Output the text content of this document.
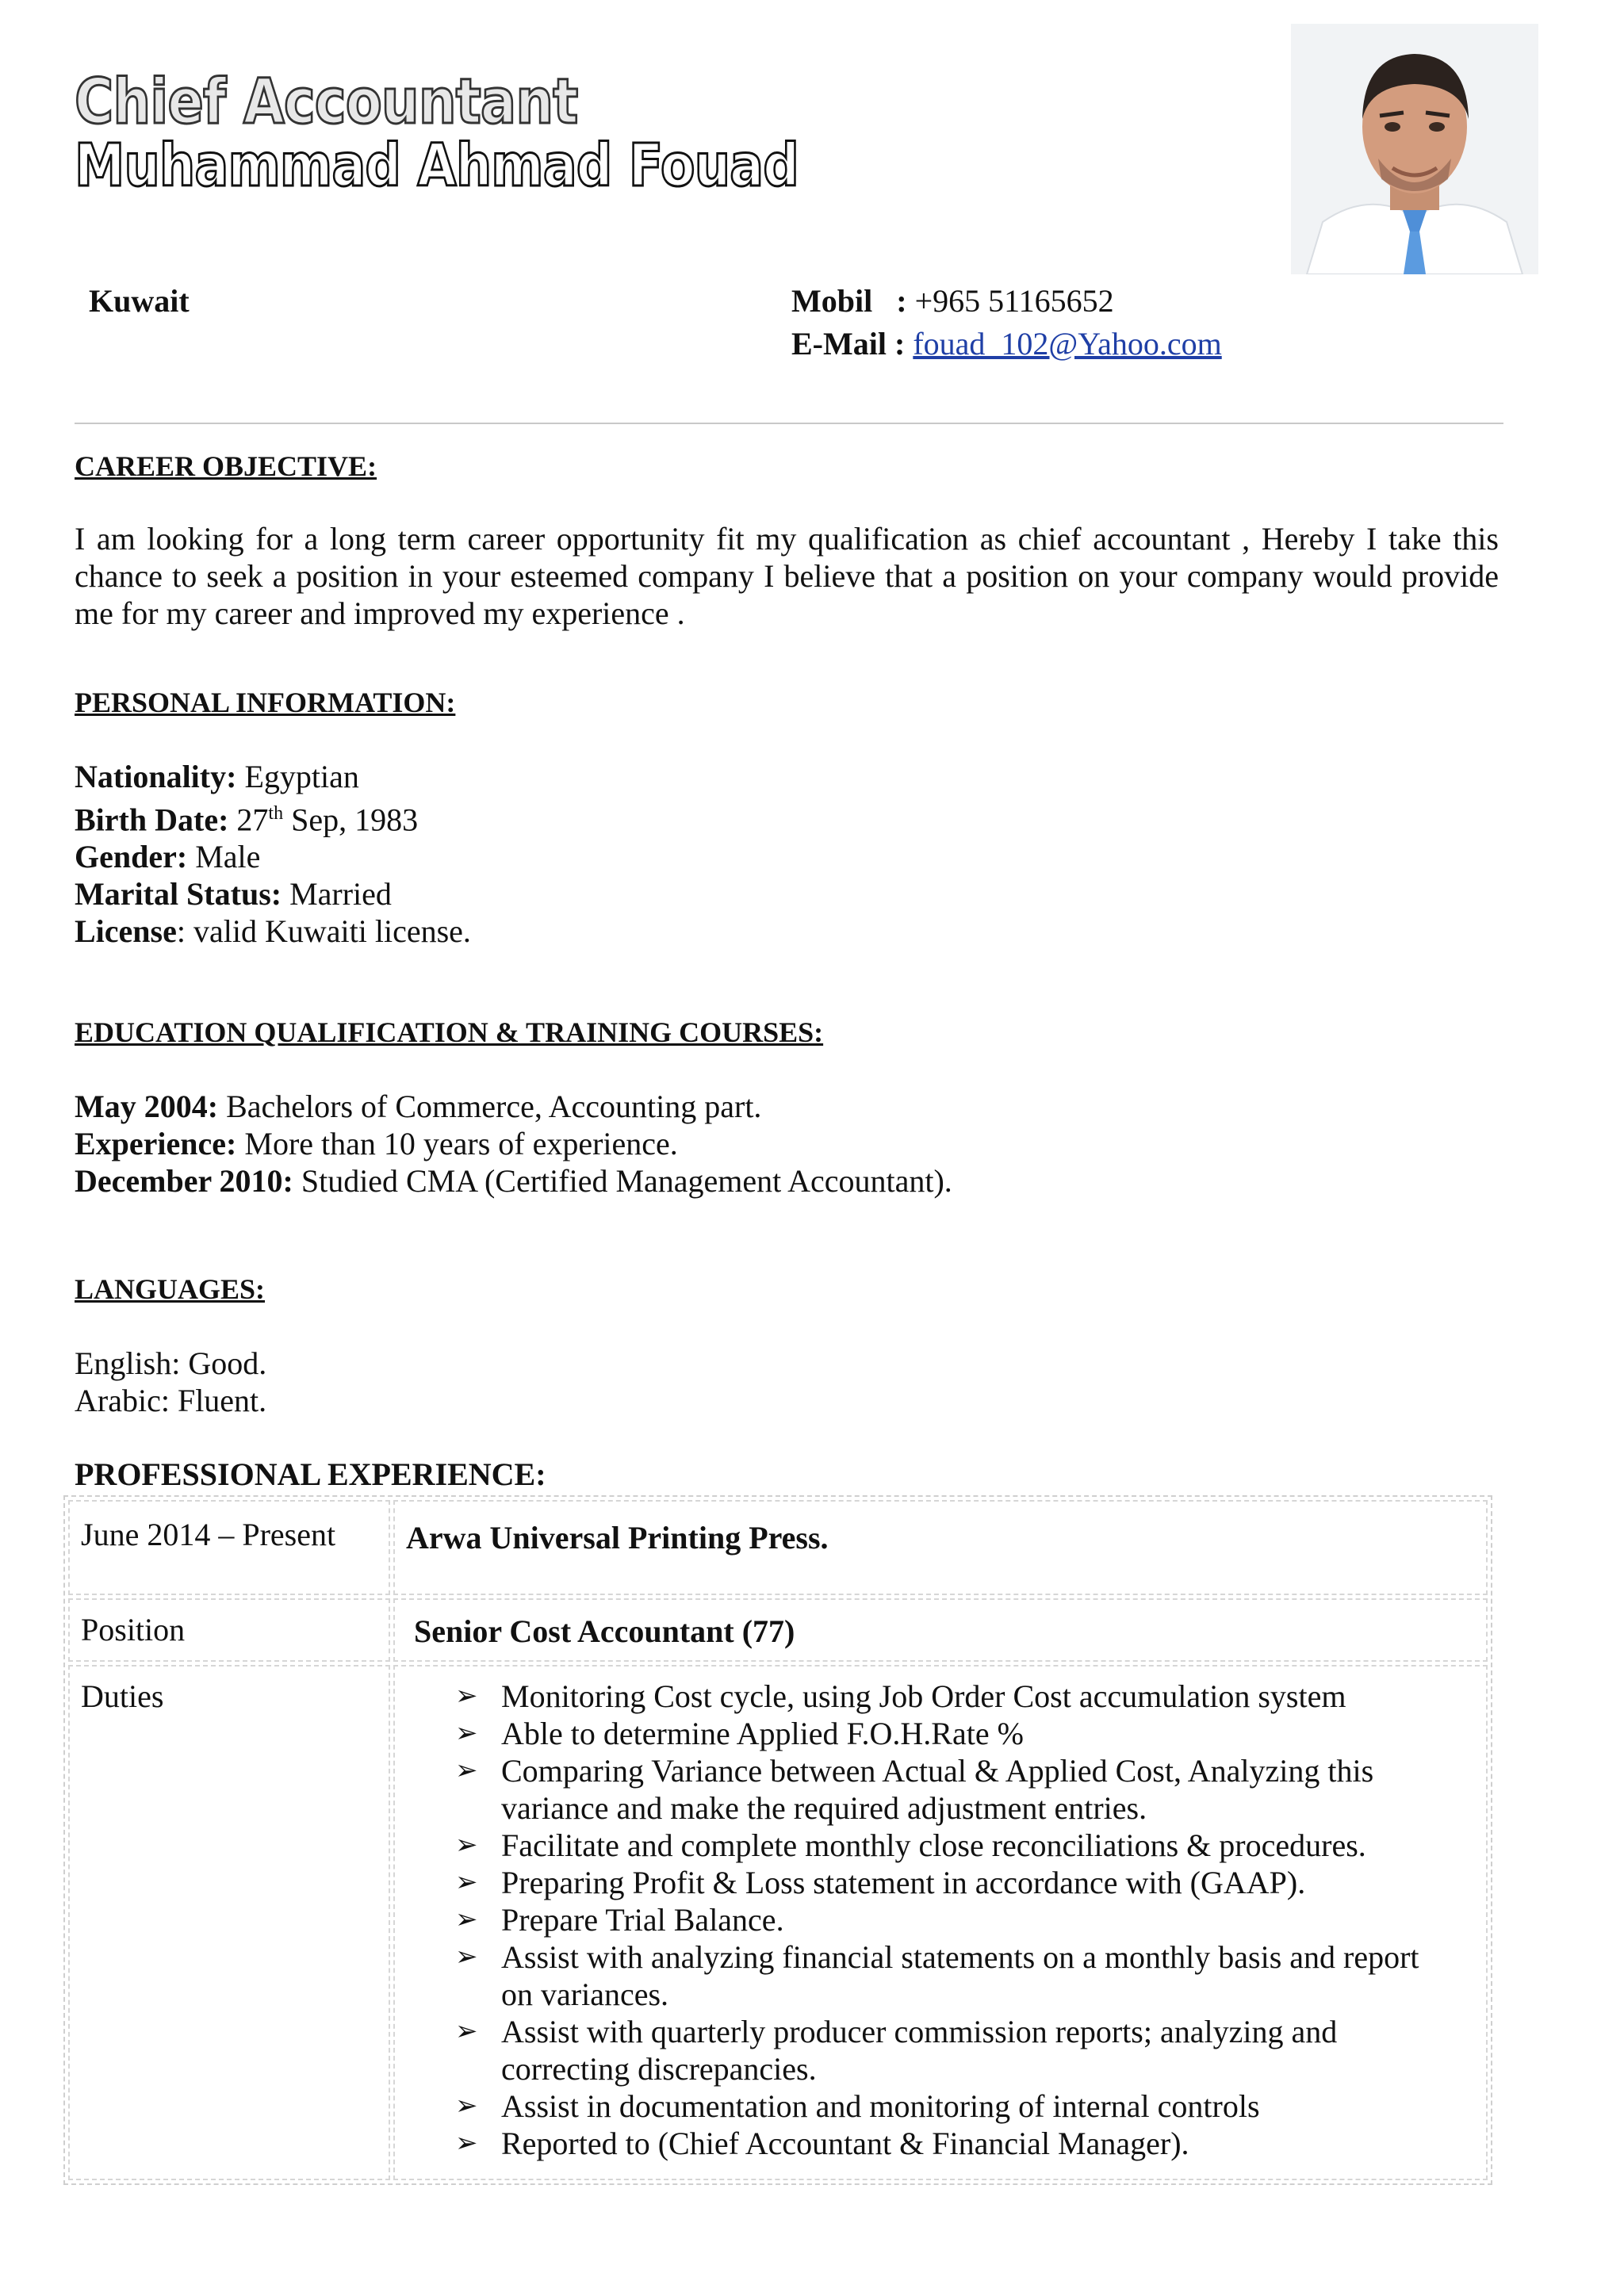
Chief Accountant
Muhammad Ahmad Fouad
Kuwait	Mobil : +965 51165652
E-Mail : fouad_102@Yahoo.com
CAREER OBJECTIVE:
I am looking for a long term career opportunity fit my qualification as chief accountant , Hereby I take this chance to seek a position in your esteemed company I believe that a position on your company would provide me for my career and improved my experience .
PERSONAL INFORMATION:
Nationality: Egyptian
Birth Date: 27th Sep, 1983
Gender: Male
Marital Status: Married
License: valid Kuwaiti license.
EDUCATION QUALIFICATION & TRAINING COURSES:
May 2004: Bachelors of Commerce, Accounting part.
Experience: More than 10 years of experience.
December 2010: Studied CMA (Certified Management Accountant).
LANGUAGES:
English: Good.
Arabic: Fluent.
PROFESSIONAL EXPERIENCE:
June 2014 – Present Arwa Universal Printing Press.
Position	Senior Cost Accountant (77)
Duties	➢ Monitoring Cost cycle, using Job Order Cost accumulation system
➢ Able to determine Applied F.O.H.Rate %
➢ Comparing Variance between Actual & Applied Cost, Analyzing this variance and make the required adjustment entries.
➢ Facilitate and complete monthly close reconciliations & procedures.
➢ Preparing Profit & Loss statement in accordance with (GAAP).
➢ Prepare Trial Balance.
➢ Assist with analyzing financial statements on a monthly basis and report on variances.
➢ Assist with quarterly producer commission reports; analyzing and correcting discrepancies.
➢ Assist in documentation and monitoring of internal controls
➢ Reported to (Chief Accountant & Financial Manager).
